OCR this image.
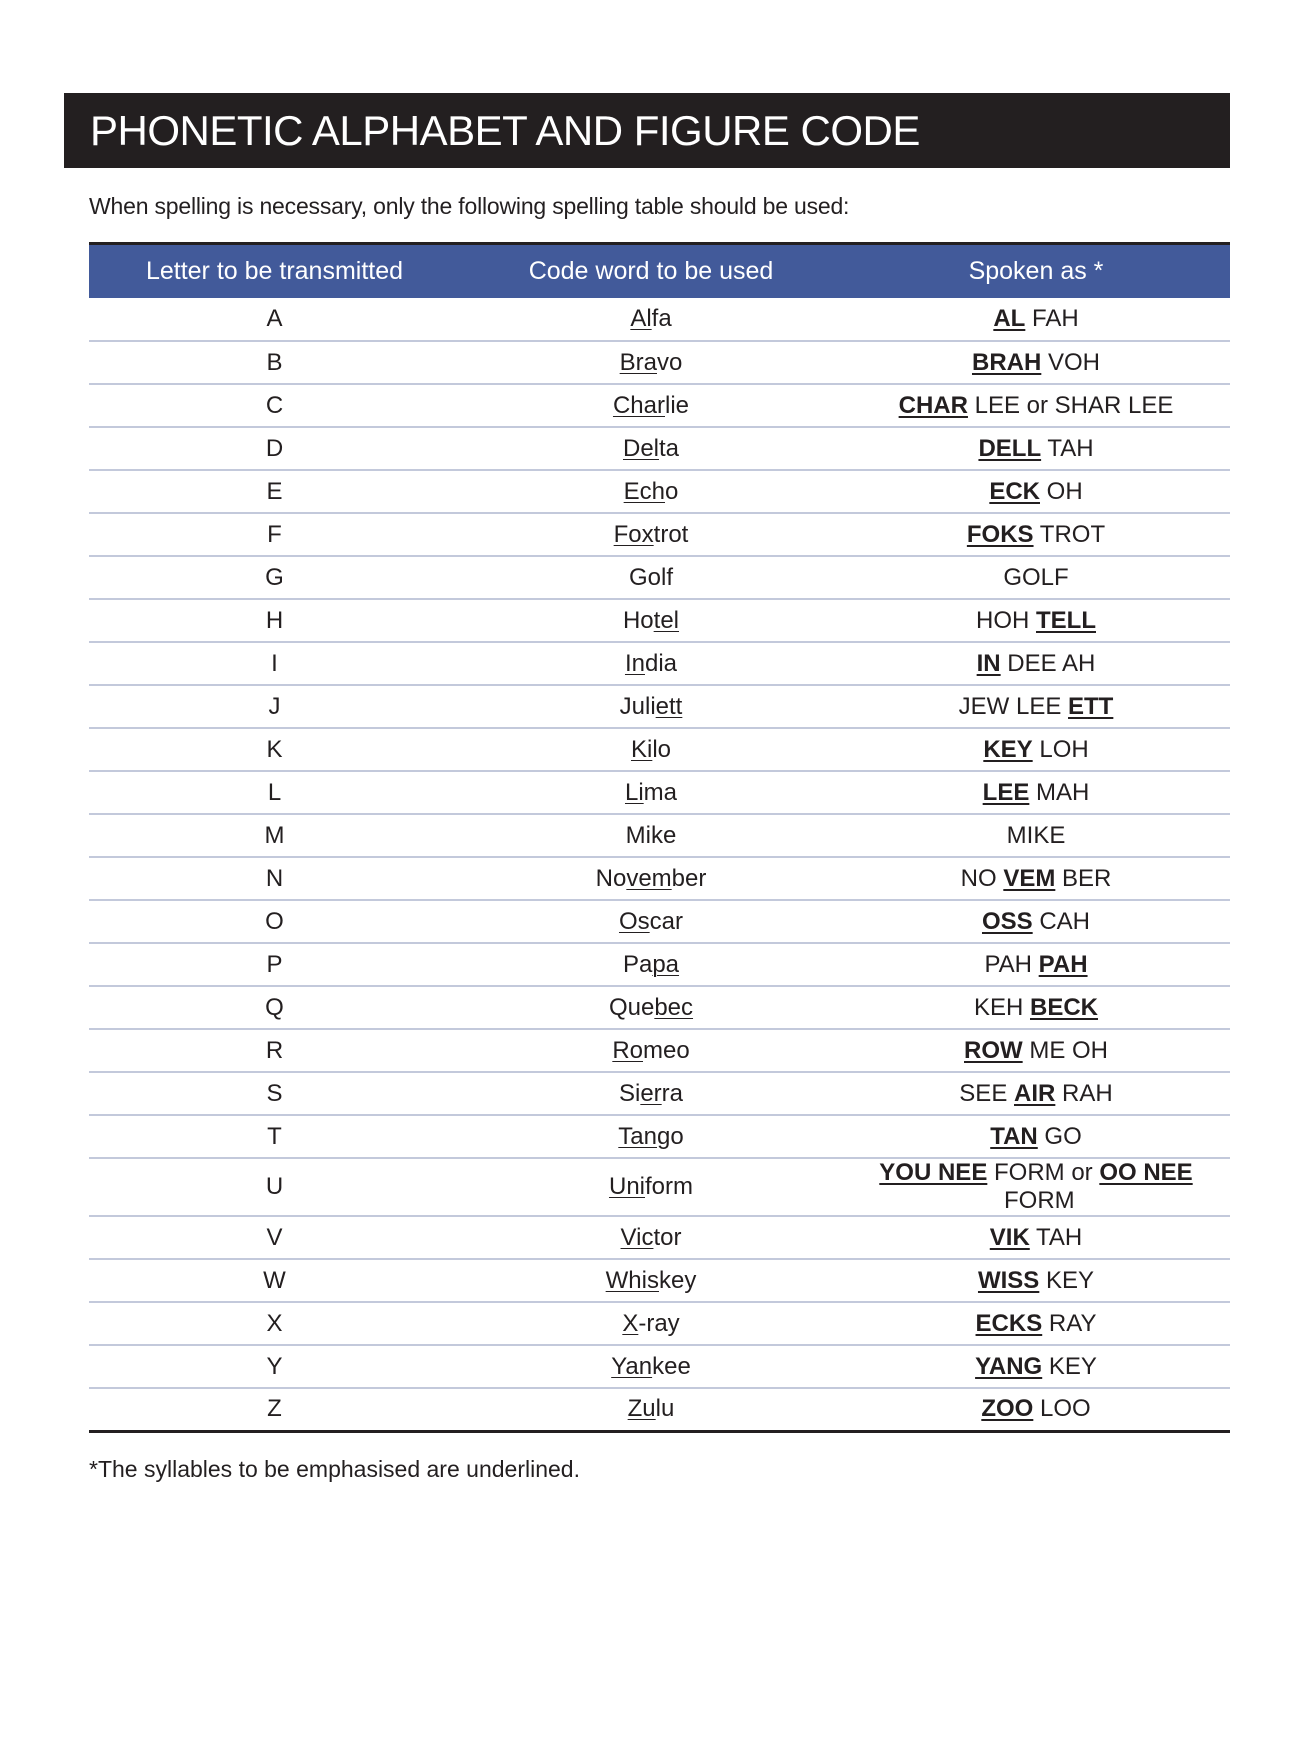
PHONETIC ALPHABET AND FIGURE CODE
When spelling is necessary, only the following spelling table should be used:
Letter to be transmitted	Code word to be used	Spoken as *
A	Alfa	AL FAH
B	Bravo	BRAH VOH
C	Charlie	CHAR LEE or SHAR LEE
D	Delta	DELL TAH
E	Echo	ECK OH
F	Foxtrot	FOKS TROT
G	Golf	GOLF
H	Hotel	HOH TELL
I	India	IN DEE AH
J	Juliett	JEW LEE ETT
K	Kilo	KEY LOH
L	Lima	LEE MAH
M	Mike	MIKE
N	November	NO VEM BER
O	Oscar	OSS CAH
P	Papa	PAH PAH
Q	Quebec	KEH BECK
R	Romeo	ROW ME OH
S	Sierra	SEE AIR RAH
T	Tango	TAN GO
U	Uniform	YOU NEE FORM or OO NEE FORM
V	Victor	VIK TAH
W	Whiskey	WISS KEY
X	X-ray	ECKS RAY
Y	Yankee	YANG KEY
Z	Zulu	ZOO LOO
*The syllables to be emphasised are underlined.
